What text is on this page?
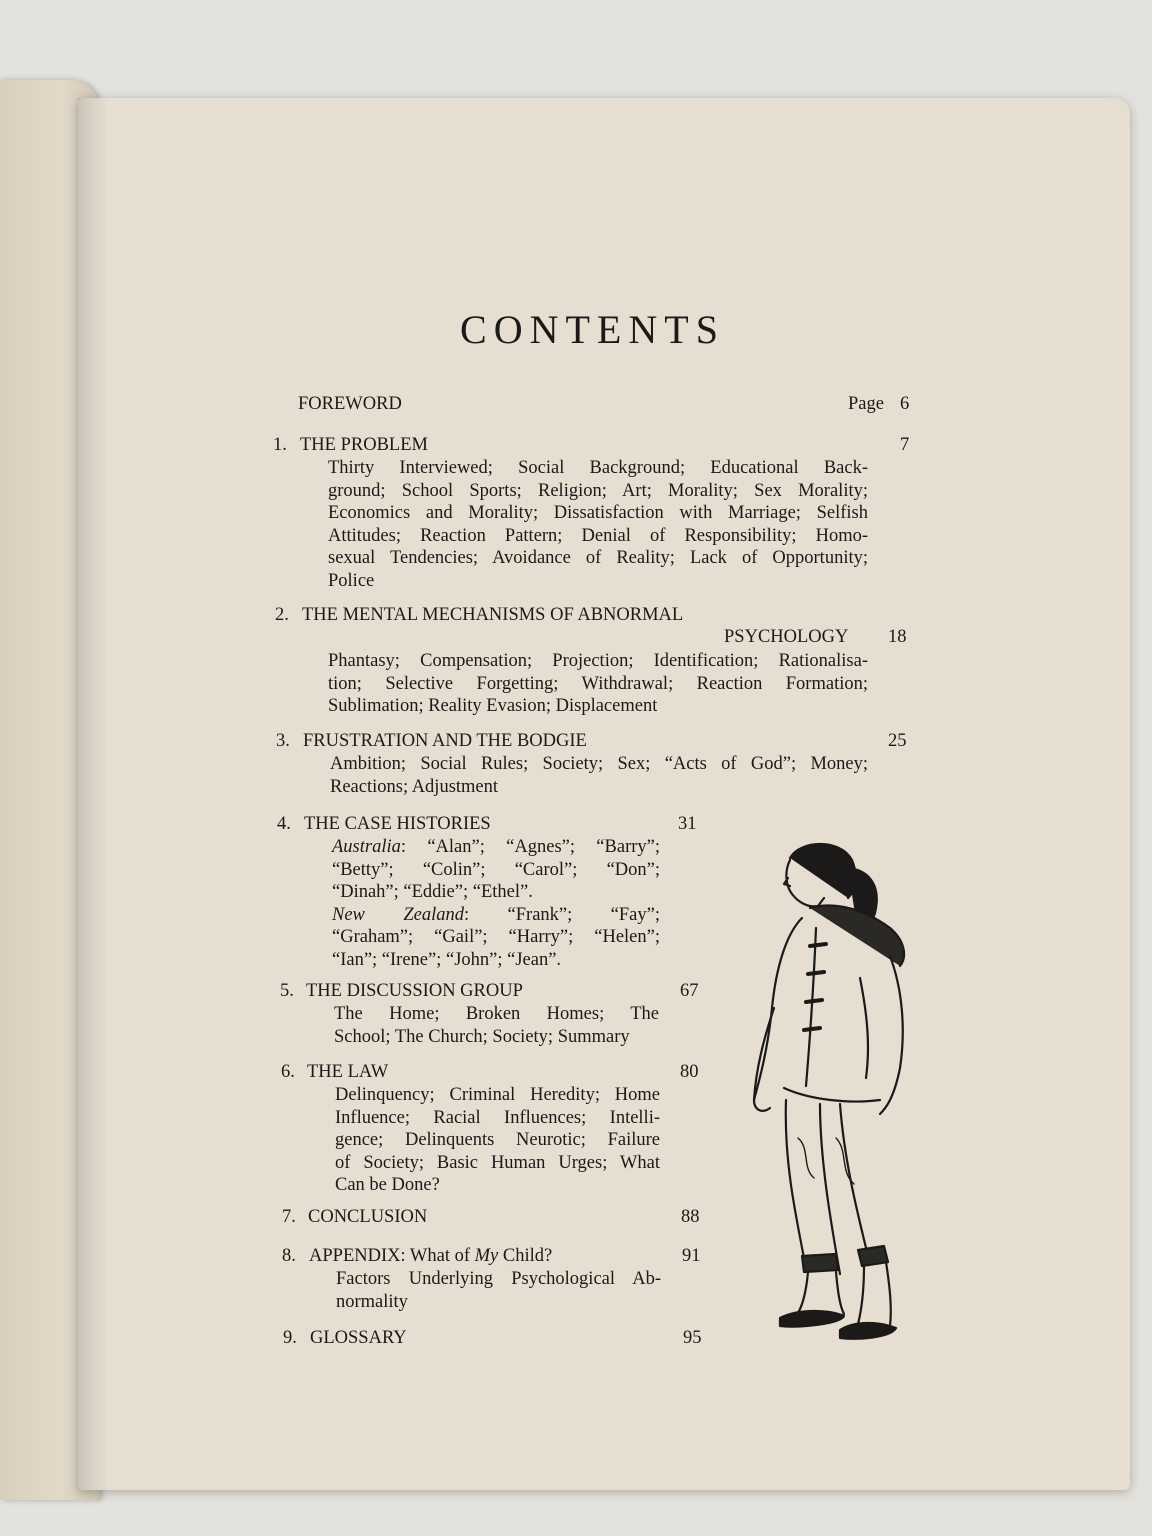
CONTENTS
FOREWORD	Page 6
1. THE PROBLEM	7
Thirty Interviewed; Social Background; Educational Back-
ground; School Sports; Religion; Art; Morality; Sex Morality;
Economics and Morality; Dissatisfaction with Marriage; Selfish
Attitudes; Reaction Pattern; Denial of Responsibility; Homo-
sexual Tendencies; Avoidance of Reality; Lack of Opportunity;
Police
2. THE MENTAL MECHANISMS OF ABNORMAL
PSYCHOLOGY 18
Phantasy; Compensation; Projection; Identification; Rationalisa-
tion; Selective Forgetting; Withdrawal; Reaction Formation;
Sublimation; Reality Evasion; Displacement
3. FRUSTRATION AND THE BODGIE	25
Ambition; Social Rules; Society; Sex; “Acts of God”; Money;
Reactions; Adjustment
4. THE CASE HISTORIES	31
Australia: “Alan”; “Agnes”; “Barry”;
“Betty”; “Colin”; “Carol”; “Don”;
“Dinah”; “Eddie”; “Ethel”.
New Zealand: “Frank”; “Fay”;
“Graham”; “Gail”; “Harry”; “Helen”;
“Ian”; “Irene”; “John”; “Jean”.
5. THE DISCUSSION GROUP	67
The Home; Broken Homes; The
School; The Church; Society; Summary
6. THE LAW	80
Delinquency; Criminal Heredity; Home
Influence; Racial Influences; Intelli-
gence; Delinquents Neurotic; Failure
of Society; Basic Human Urges; What
Can be Done?
7. CONCLUSION	88
8. APPENDIX: What of My Child?	91
Factors Underlying Psychological Ab-
normality
9. GLOSSARY	95
